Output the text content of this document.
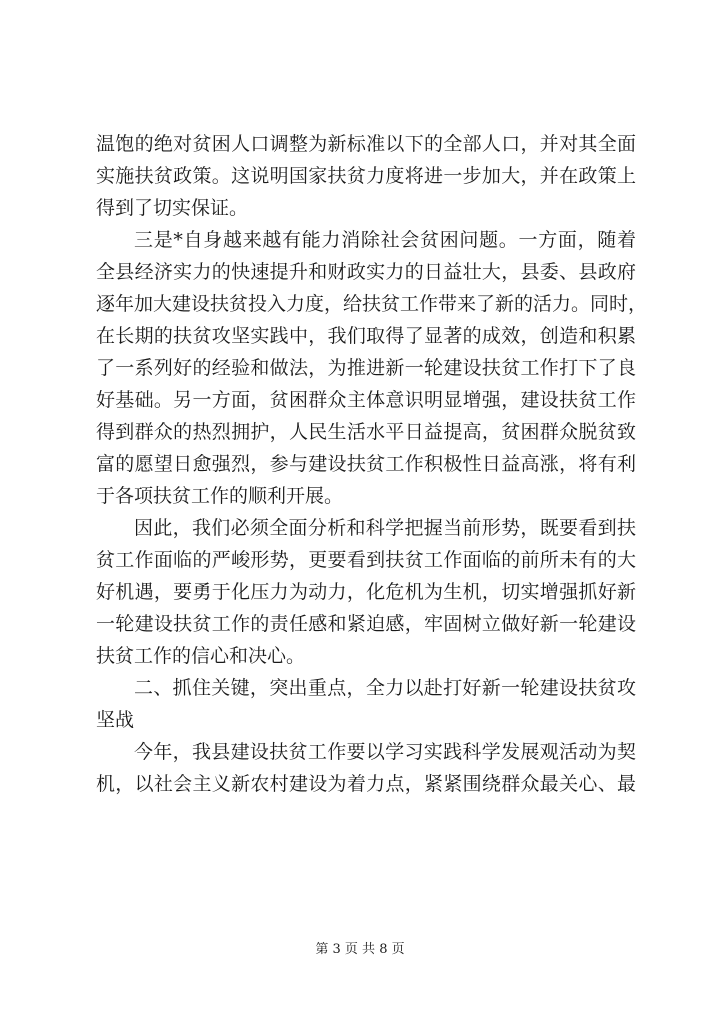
温饱的绝对贫困人口调整为新标准以下的全部人口，并对其全面
实施扶贫政策。这说明国家扶贫力度将进一步加大，并在政策上
得到了切实保证。
三是*自身越来越有能力消除社会贫困问题。一方面，随着
全县经济实力的快速提升和财政实力的日益壮大，县委、县政府
逐年加大建设扶贫投入力度，给扶贫工作带来了新的活力。同时，
在长期的扶贫攻坚实践中，我们取得了显著的成效，创造和积累
了一系列好的经验和做法，为推进新一轮建设扶贫工作打下了良
好基础。另一方面，贫困群众主体意识明显增强，建设扶贫工作
得到群众的热烈拥护，人民生活水平日益提高，贫困群众脱贫致
富的愿望日愈强烈，参与建设扶贫工作积极性日益高涨，将有利
于各项扶贫工作的顺利开展。
因此，我们必须全面分析和科学把握当前形势，既要看到扶
贫工作面临的严峻形势，更要看到扶贫工作面临的前所未有的大
好机遇，要勇于化压力为动力，化危机为生机，切实增强抓好新
一轮建设扶贫工作的责任感和紧迫感，牢固树立做好新一轮建设
扶贫工作的信心和决心。
二、抓住关键，突出重点，全力以赴打好新一轮建设扶贫攻
坚战
今年，我县建设扶贫工作要以学习实践科学发展观活动为契
机，以社会主义新农村建设为着力点，紧紧围绕群众最关心、最
第 3 页 共 8 页
